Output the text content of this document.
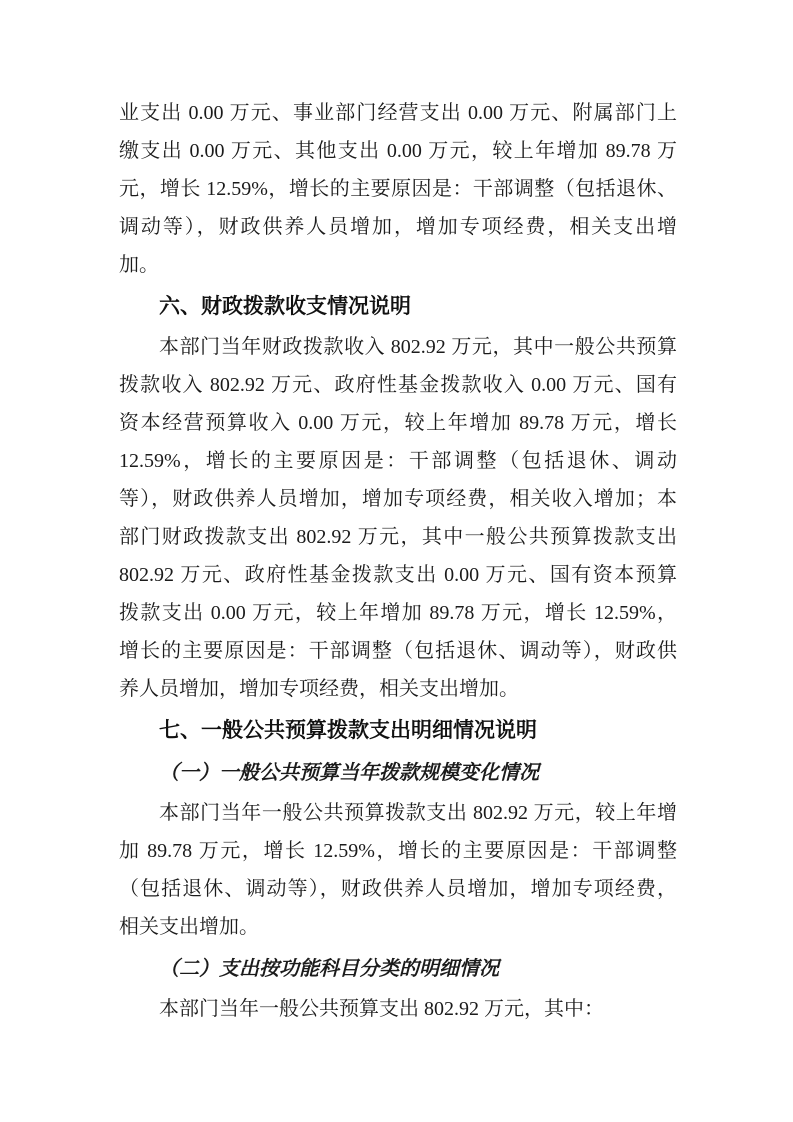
业支出 0.00 万元、事业部门经营支出 0.00 万元、附属部门上
缴支出 0.00 万元、其他支出 0.00 万元，较上年增加 89.78 万
元，增长 12.59%，增长的主要原因是：干部调整（包括退休、
调动等），财政供养人员增加，增加专项经费，相关支出增
加。
六、财政拨款收支情况说明
本部门当年财政拨款收入 802.92 万元，其中一般公共预算
拨款收入 802.92 万元、政府性基金拨款收入 0.00 万元、国有
资本经营预算收入 0.00 万元，较上年增加 89.78 万元，增长
12.59%，增长的主要原因是：干部调整（包括退休、调动
等），财政供养人员增加，增加专项经费，相关收入增加；本
部门财政拨款支出 802.92 万元，其中一般公共预算拨款支出
802.92 万元、政府性基金拨款支出 0.00 万元、国有资本预算
拨款支出 0.00 万元，较上年增加 89.78 万元，增长 12.59%，
增长的主要原因是：干部调整（包括退休、调动等），财政供
养人员增加，增加专项经费，相关支出增加。
七、一般公共预算拨款支出明细情况说明
（一）一般公共预算当年拨款规模变化情况
本部门当年一般公共预算拨款支出 802.92 万元，较上年增
加 89.78 万元，增长 12.59%，增长的主要原因是：干部调整
（包括退休、调动等），财政供养人员增加，增加专项经费，
相关支出增加。
（二）支出按功能科目分类的明细情况
本部门当年一般公共预算支出 802.92 万元，其中：
